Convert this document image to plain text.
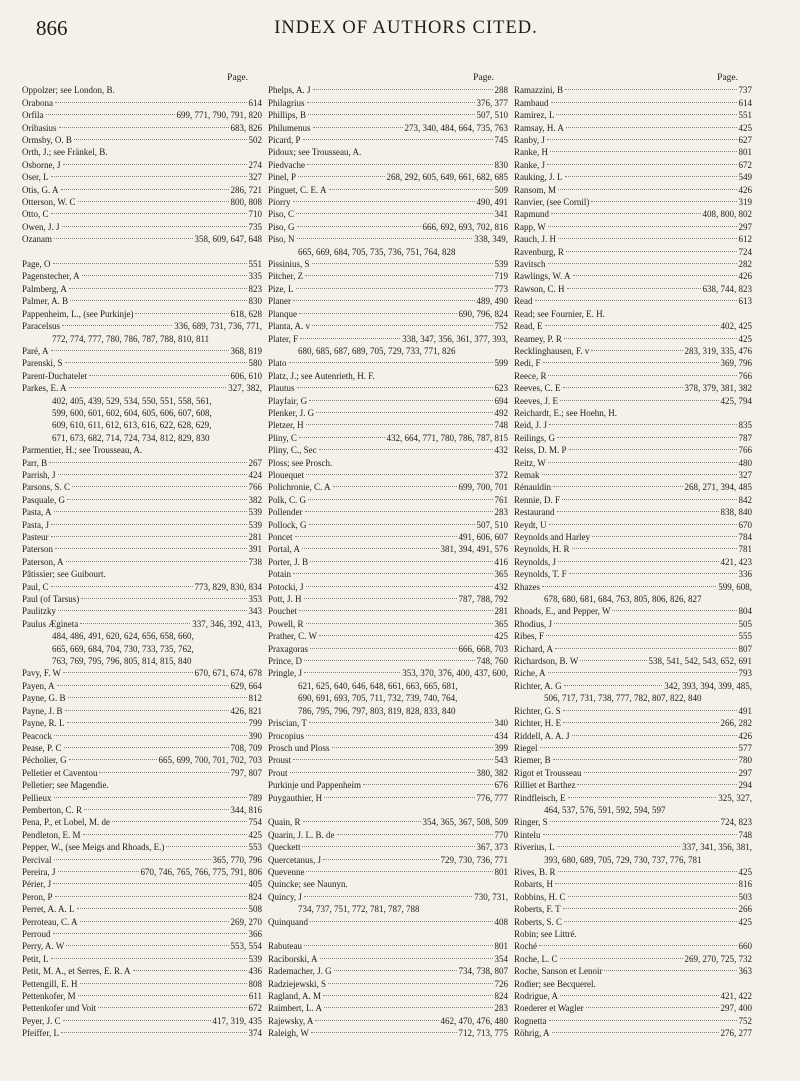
866	INDEX OF AUTHORS CITED.
Page.
Oppolzer; see London, B.
Orabona	614
Orfila	699, 771, 790, 791, 820
Oribasius	683, 826
Ormsby, O. B	502
Orth, J.; see Fränkel, B.
Osborne, J	274
Oser, L	327
Otis, G. A	286, 721
Otterson, W. C	800, 808
Otto, C	710
Owen, J. J	735
Ozanam	358, 609, 647, 648
Page, O	551
Pagenstecher, A	335
Palmberg, A	823
Palmer, A. B	830
Pappenheim, L., (see Purkinje)	618, 628
Paracelsus	336, 689, 731, 736, 771,
772, 774, 777, 780, 786, 787, 788, 810, 811
Paré, A	368, 819
Parenski, S	580
Parent-Duchatelet	606, 610
Parkes, E. A	327, 382,
402, 405, 439, 529, 534, 550, 551, 558, 561,
599, 600, 601, 602, 604, 605, 606, 607, 608,
609, 610, 611, 612, 613, 616, 622, 628, 629,
671, 673, 682, 714, 724, 734, 812, 829, 830
Parmentier, H.; see Trousseau, A.
Parr, B	267
Parrish, J	424
Parsons, S. C	766
Pasquale, G	382
Pasta, A	539
Pasta, J	539
Pasteur	281
Paterson	391
Paterson, A	738
Pâtissier; see Guibourt.
Paul, C	773, 829, 830, 834
Paul (of Tarsus)	353
Paulitzky	343
Paulus Ægineta	337, 346, 392, 413,
484, 486, 491, 620, 624, 656, 658, 660,
665, 669, 684, 704, 730, 733, 735, 762,
763, 769, 795, 796, 805, 814, 815, 840
Pavy, F. W	670, 671, 674, 678
Payen, A	629, 664
Payne, G. B	812
Payne, J. B	426, 821
Payne, R. L	799
Peacock	390
Pease, P. C	708, 709
Pécholier, G	665, 699, 700, 701, 702, 703
Pelletier et Caventou	797, 807
Pelletier; see Magendie.
Pellieux	789
Pemberton, C. R	344, 816
Pena, P., et Lobel, M. de	754
Pendleton, E. M	425
Pepper, W., (see Meigs and Rhoads, E.)	553
Percival	365, 770, 796
Pereira, J	670, 746, 765, 766, 775, 791, 806
Périer, J	405
Peron, P	824
Perret, A. A. L	508
Perroteau, C. A	269, 270
Perroud	366
Perry, A. W	553, 554
Petit, L	539
Petit, M. A., et Serres, E. R. A	436
Pettengill, E. H	808
Pettenkofer, M	611
Pettenkofer und Voit	672
Peyer, J. C	417, 319, 435
Pfeiffer, L	374
Page.
Phelps, A. J	288
Philagrius	376, 377
Phillips, B	507, 510
Philumenus	273, 340, 484, 664, 735, 763
Picard, P	745
Pidoux; see Trousseau, A.
Piedvache	830
Pinel, P	268, 292, 605, 649, 661, 682, 685
Pinguet, C. E. A	509
Piorry	490, 491
Piso, C	341
Piso, G	666, 692, 693, 702, 816
Piso, N	338, 349,
665, 669, 684, 705, 735, 736, 751, 764, 828
Pissinius, S	539
Pitcher, Z	719
Pize, L	773
Planer	489, 490
Planque	690, 796, 824
Planta, A. v	752
Plater, F	338, 347, 356, 361, 377, 393,
680, 685, 687, 689, 705, 729, 733, 771, 826
Plato	599
Platz, J.; see Autenrieth, H. F.
Plautus	623
Playfair, G	694
Plenker, J. G	492
Pletzer, H	748
Pliny, C	432, 664, 771, 780, 786, 787, 815
Pliny, C., Sec	432
Ploss; see Prosch.
Plouequet	372
Polichronie, C. A	699, 700, 701
Polk, C. G	761
Pollender	283
Pollock, G	507, 510
Poncet	491, 606, 607
Portal, A	381, 394, 491, 576
Porter, J. B	416
Potain	365
Potocki, J	432
Pott, J. H	787, 788, 792
Pouchet	281
Powell, R	365
Prather, C. W	425
Praxagoras	666, 668, 703
Prince, D	748, 760
Pringle, J	353, 370, 376, 400, 437, 600,
621, 625, 640, 646, 648, 661, 663, 665, 681,
690, 691, 693, 705, 711, 732, 739, 740, 764,
786, 795, 796, 797, 803, 819, 828, 833, 840
Priscian, T	340
Procopius	434
Prosch und Ploss	399
Proust	543
Prout	380, 382
Purkinje und Pappenheim	676
Puygauthier, H	776, 777
Quain, R	354, 365, 367, 508, 509
Quarin, J. L. B. de	770
Queckett	367, 373
Quercetanus, J	729, 730, 736, 771
Quevenne	801
Quincke; see Naunyn.
Quincy, J	730, 731,
734, 737, 751, 772, 781, 787, 788
Quinquand	408
Rabuteau	801
Raciborski, A	354
Rademacher, J. G	734, 738, 807
Radziejewski, S	726
Ragland, A. M	824
Raimbert, L. A	283
Rajewsky, A	462, 470, 476, 480
Raleigh, W	712, 713, 775
Page.
Ramazzini, B	737
Rambaud	614
Ramirez, L	551
Ramsay, H. A	425
Ranby, J	627
Ranke, H	801
Ranke, J	672
Rauking, J. L	549
Ransom, M	426
Ranvier, (see Cornil)	319
Rapmund	408, 800, 802
Rapp, W	297
Rauch, J. H	612
Ravenburg, R	724
Ravitsch	282
Rawlings, W. A	426
Rawson, C. H	638, 744, 823
Read	613
Read; see Fournier, E. H.
Read, E	402, 425
Reamey, P. R	425
Recklinghausen, F. v	283, 319, 335, 476
Redi, F	369, 796
Reece, R	766
Reeves, C. E	378, 379, 381, 382
Reeves, J. E	425, 794
Reichardt, E.; see Hoehn, H.
Reid, J. J	835
Reilings, G	787
Reiss, D. M. P	766
Reitz, W	480
Remak	327
Rénauldin	268, 271, 394, 485
Rennie, D. F	842
Restaurand	838, 840
Reydt, U	670
Reynolds and Harley	784
Reynolds, H. R	781
Reynolds, J	421, 423
Reynolds, T. F	336
Rhazes	599, 608,
678, 680, 681, 684, 763, 805, 806, 826, 827
Rhoads, E., and Pepper, W	804
Rhodius, J	505
Ribes, F	555
Richard, A	807
Richardson, B. W	538, 541, 542, 543, 652, 691
Riche, A	793
Richter, A. G	342, 393, 394, 399, 485,
506, 717, 731, 738, 777, 782, 807, 822, 840
Richter, G. S	491
Richter, H. E	266, 282
Riddell, A. A. J	426
Riegel	577
Riemer, B	780
Rigot et Trousseau	297
Rilliet et Barthez	294
Rindfleisch, E	325, 327,
464, 537, 576, 591, 592, 594, 597
Ringer, S	724, 823
Rintelu	748
Riverius, L	337, 341, 356, 381,
393, 680, 689, 705, 729, 730, 737, 776, 781
Rives, B. R	425
Robarts, H	816
Robbins, H. C	503
Roberts, F. T	266
Roberts, S. C	425
Robin; see Littré.
Roché	660
Roche, L. C	269, 270, 725, 732
Roche, Sanson et Lenoir	363
Rodier; see Becquerel.
Rodrigue, A	421, 422
Roederer et Wagler	297, 400
Rognetta	752
Röhrig, A	276, 277
